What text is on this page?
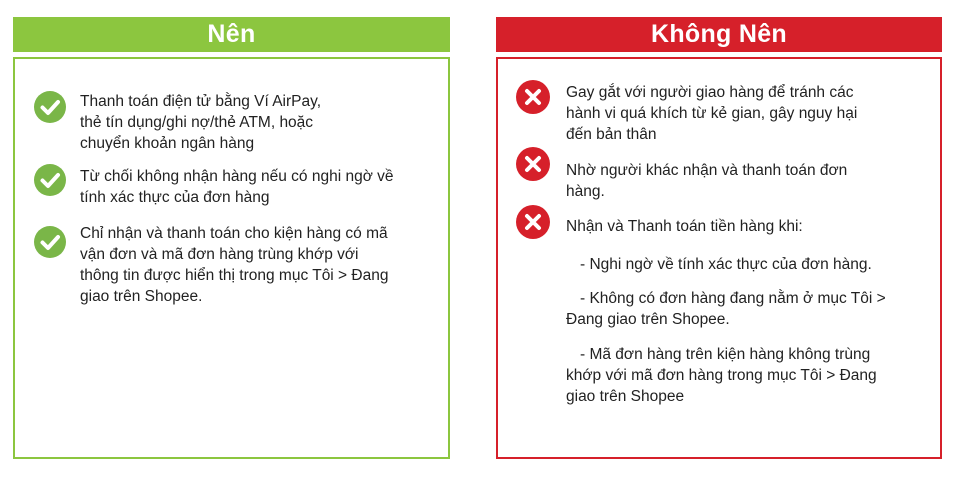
Nên	Không Nên
Thanh toán điện tử bằng Ví AirPay,
thẻ tín dụng/ghi nợ/thẻ ATM, hoặc
chuyển khoản ngân hàng
Từ chối không nhận hàng nếu có nghi ngờ về
tính xác thực của đơn hàng
Chỉ nhận và thanh toán cho kiện hàng có mã
vận đơn và mã đơn hàng trùng khớp với
thông tin được hiển thị trong mục Tôi > Đang
giao trên Shopee.
Gay gắt với người giao hàng để tránh các
hành vi quá khích từ kẻ gian, gây nguy hại
đến bản thân
Nhờ người khác nhận và thanh toán đơn
hàng.
Nhận và Thanh toán tiền hàng khi:
- Nghi ngờ về tính xác thực của đơn hàng.
- Không có đơn hàng đang nằm ở mục Tôi >
Đang giao trên Shopee.
- Mã đơn hàng trên kiện hàng không trùng
khớp với mã đơn hàng trong mục Tôi > Đang
giao trên Shopee
